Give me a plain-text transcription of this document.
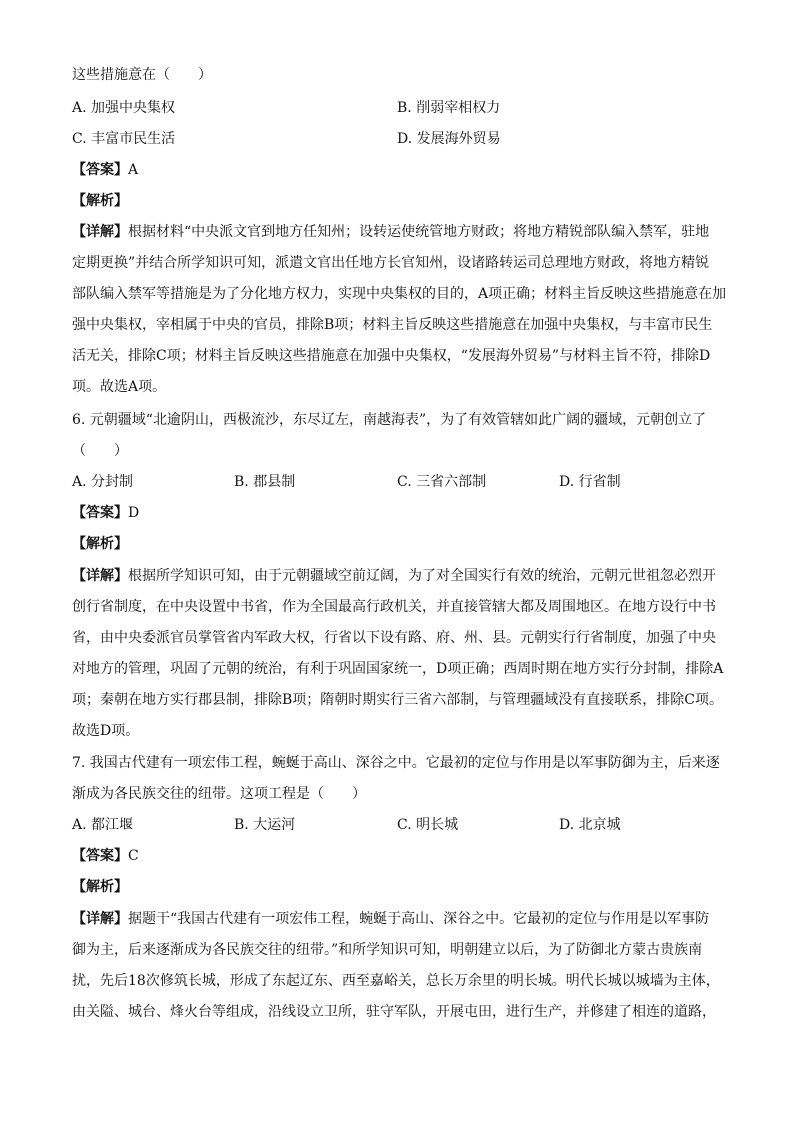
这些措施意在（　　）
A. 加强中央集权	B. 削弱宰相权力
C. 丰富市民生活	D. 发展海外贸易
【答案】A
【解析】
【详解】根据材料“中央派文官到地方任知州；设转运使统管地方财政；将地方精锐部队编入禁军，驻地
定期更换”并结合所学知识可知，派遣文官出任地方长官知州，设诸路转运司总理地方财政，将地方精锐
部队编入禁军等措施是为了分化地方权力，实现中央集权的目的，A项正确；材料主旨反映这些措施意在加
强中央集权，宰相属于中央的官员，排除B项；材料主旨反映这些措施意在加强中央集权，与丰富市民生
活无关，排除C项；材料主旨反映这些措施意在加强中央集权，“发展海外贸易”与材料主旨不符，排除D
项。故选A项。
6. 元朝疆域“北逾阴山，西极流沙，东尽辽左，南越海表”，为了有效管辖如此广阔的疆域，元朝创立了
（　　）
A. 分封制	B. 郡县制	C. 三省六部制	D. 行省制
【答案】D
【解析】
【详解】根据所学知识可知，由于元朝疆域空前辽阔，为了对全国实行有效的统治，元朝元世祖忽必烈开
创行省制度，在中央设置中书省，作为全国最高行政机关，并直接管辖大都及周围地区。在地方设行中书
省，由中央委派官员掌管省内军政大权，行省以下设有路、府、州、县。元朝实行行省制度，加强了中央
对地方的管理，巩固了元朝的统治，有利于巩固国家统一，D项正确；西周时期在地方实行分封制，排除A
项；秦朝在地方实行郡县制，排除B项；隋朝时期实行三省六部制，与管理疆域没有直接联系，排除C项。
故选D项。
7. 我国古代建有一项宏伟工程，蜿蜒于高山、深谷之中。它最初的定位与作用是以军事防御为主，后来逐
渐成为各民族交往的纽带。这项工程是（　　）
A. 都江堰	B. 大运河	C. 明长城	D. 北京城
【答案】C
【解析】
【详解】据题干“我国古代建有一项宏伟工程，蜿蜒于高山、深谷之中。它最初的定位与作用是以军事防
御为主，后来逐渐成为各民族交往的纽带。”和所学知识可知，明朝建立以后，为了防御北方蒙古贵族南
扰，先后18次修筑长城，形成了东起辽东、西至嘉峪关，总长万余里的明长城。明代长城以城墙为主体，
由关隘、城台、烽火台等组成，沿线设立卫所，驻守军队，开展屯田，进行生产，并修建了相连的道路，
